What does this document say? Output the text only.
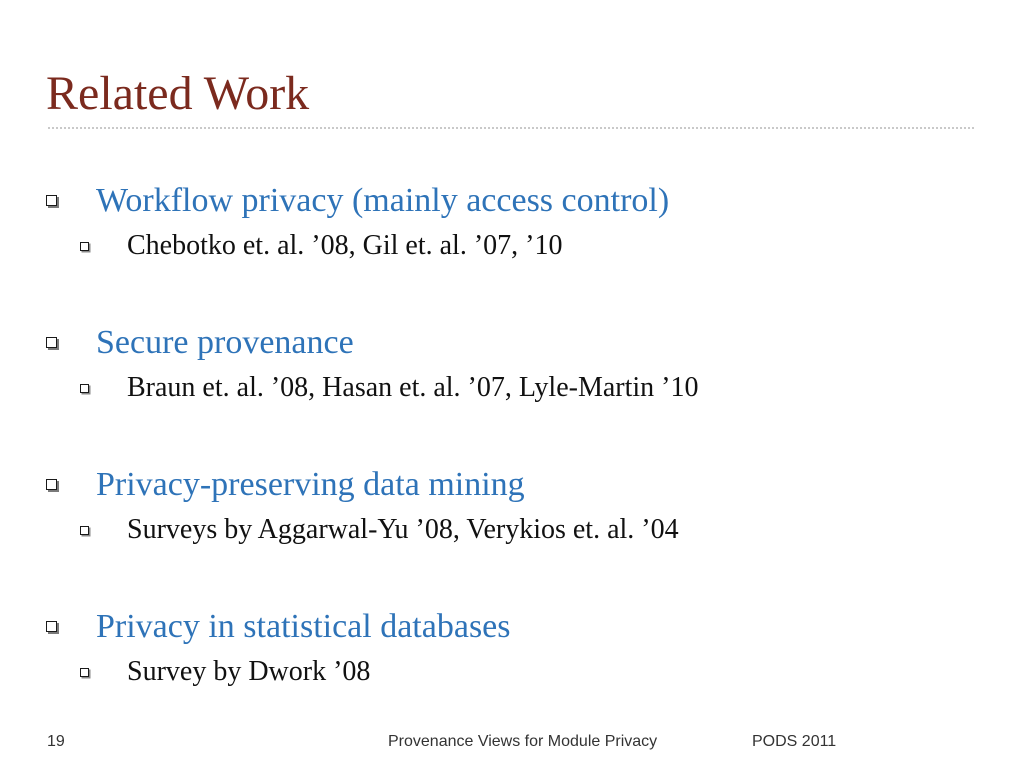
Related Work
Workflow privacy (mainly access control)
Chebotko et. al. ’08, Gil et. al. ’07, ’10
Secure provenance
Braun et. al. ’08, Hasan et. al. ’07, Lyle-Martin ’10
Privacy-preserving data mining
Surveys by Aggarwal-Yu ’08, Verykios et. al. ’04
Privacy in statistical databases
Survey by Dwork ’08
19	Provenance Views for Module Privacy	PODS 2011
